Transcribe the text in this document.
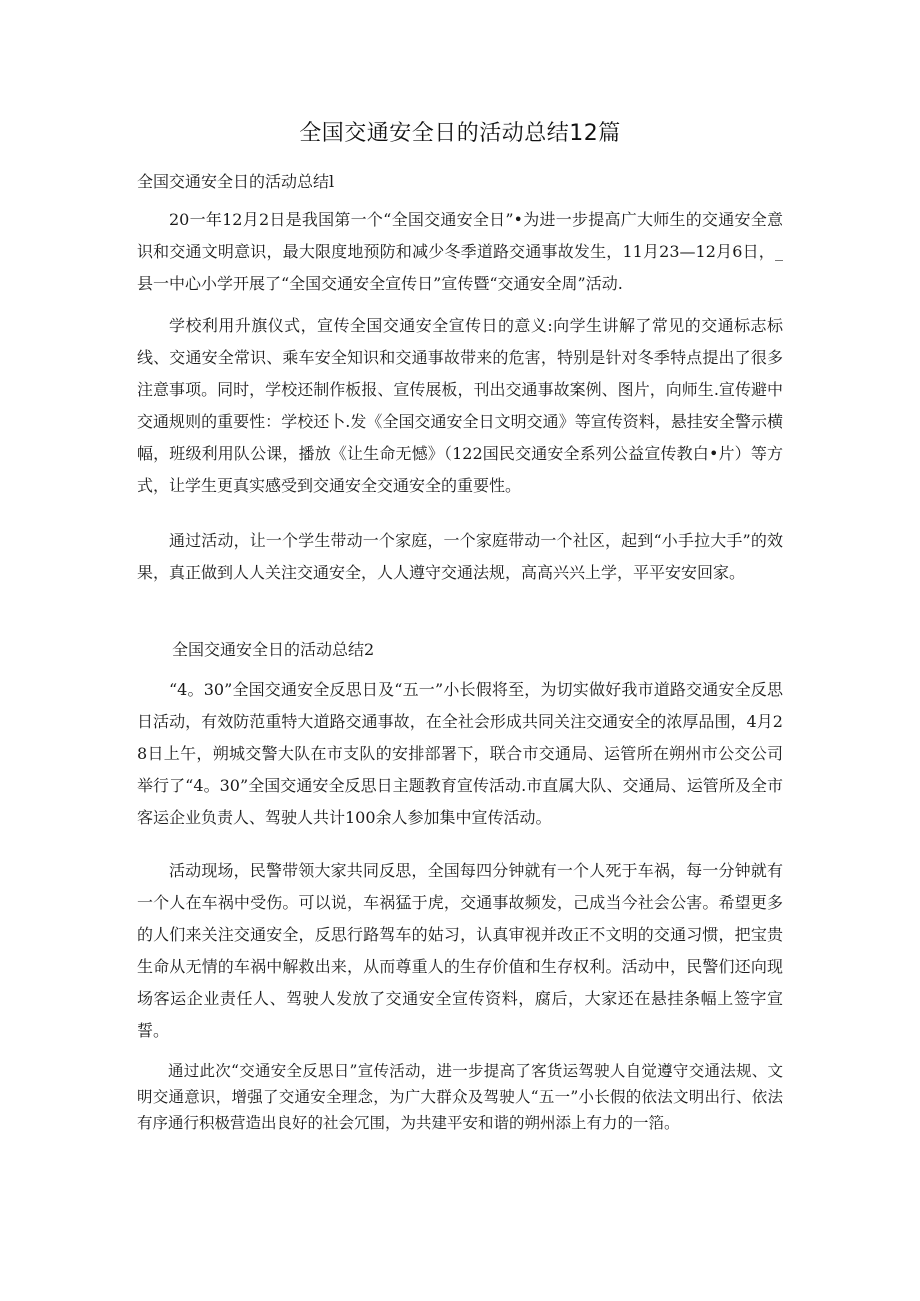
全国交通安全日的活动总结12篇

全国交通安全日的活动总结l

20一年12月2日是我国第一个“全国交通安全日”•为进一步提高广大师生的交通安全意识和交通文明意识，最大限度地预防和减少冬季道路交通事故发生，11月23—12月6日，_县一中心小学开展了“全国交通安全宣传日”宣传暨“交通安全周”活动.

学校利用升旗仪式，宣传全国交通安全宣传日的意义:向学生讲解了常见的交通标志标线、交通安全常识、乘车安全知识和交通事故带来的危害，特别是针对冬季特点提出了很多注意事项。同时，学校还制作板报、宣传展板，刊出交通事故案例、图片，向师生.宣传避中交通规则的重要性：学校还卜.发《全国交通安全日文明交通》等宣传资料，悬挂安全警示横幅，班级利用队公课，播放《让生命无憾》（122国民交通安全系列公益宣传教白•片）等方式，让学生更真实感受到交通安全交通安全的重要性。

通过活动，让一个学生带动一个家庭，一个家庭带动一个社区，起到“小手拉大手”的效果，真正做到人人关注交通安全，人人遵守交通法规，高高兴兴上学，平平安安回家。

全国交通安全日的活动总结2

“4。30”全国交通安全反思日及“五一”小长假将至，为切实做好我市道路交通安全反思日活动，有效防范重特大道路交通事故，在全社会形成共同关注交通安全的浓厚品围，4月28日上午，朔城交警大队在市支队的安排部署下，联合市交通局、运管所在朔州市公交公司举行了“4。30”全国交通安全反思日主题教育宣传活动.市直属大队、交通局、运管所及全市客运企业负责人、驾驶人共计100余人参加集中宣传活动。

活动现场，民警带领大家共同反思，全国每四分钟就有一个人死于车祸，每一分钟就有一个人在车祸中受伤。可以说，车祸猛于虎，交通事故频发，己成当今社会公害。希望更多的人们来关注交通安全，反思行路驾车的姑习，认真审视并改正不文明的交通习惯，把宝贵生命从无情的车祸中解救出来，从而尊重人的生存价值和生存权利。活动中，民警们还向现场客运企业责任人、驾驶人发放了交通安全宣传资料，腐后，大家还在悬挂条幅上签字宣誓。

通过此次“交通安全反思日”宣传活动，进一步提高了客货运驾驶人自觉遵守交通法规、文明交通意识，增强了交通安全理念，为广大群众及驾驶人“五一”小长假的依法文明出行、依法有序通行积极营造出良好的社会冗围，为共建平安和谐的朔州添上有力的一箔。
